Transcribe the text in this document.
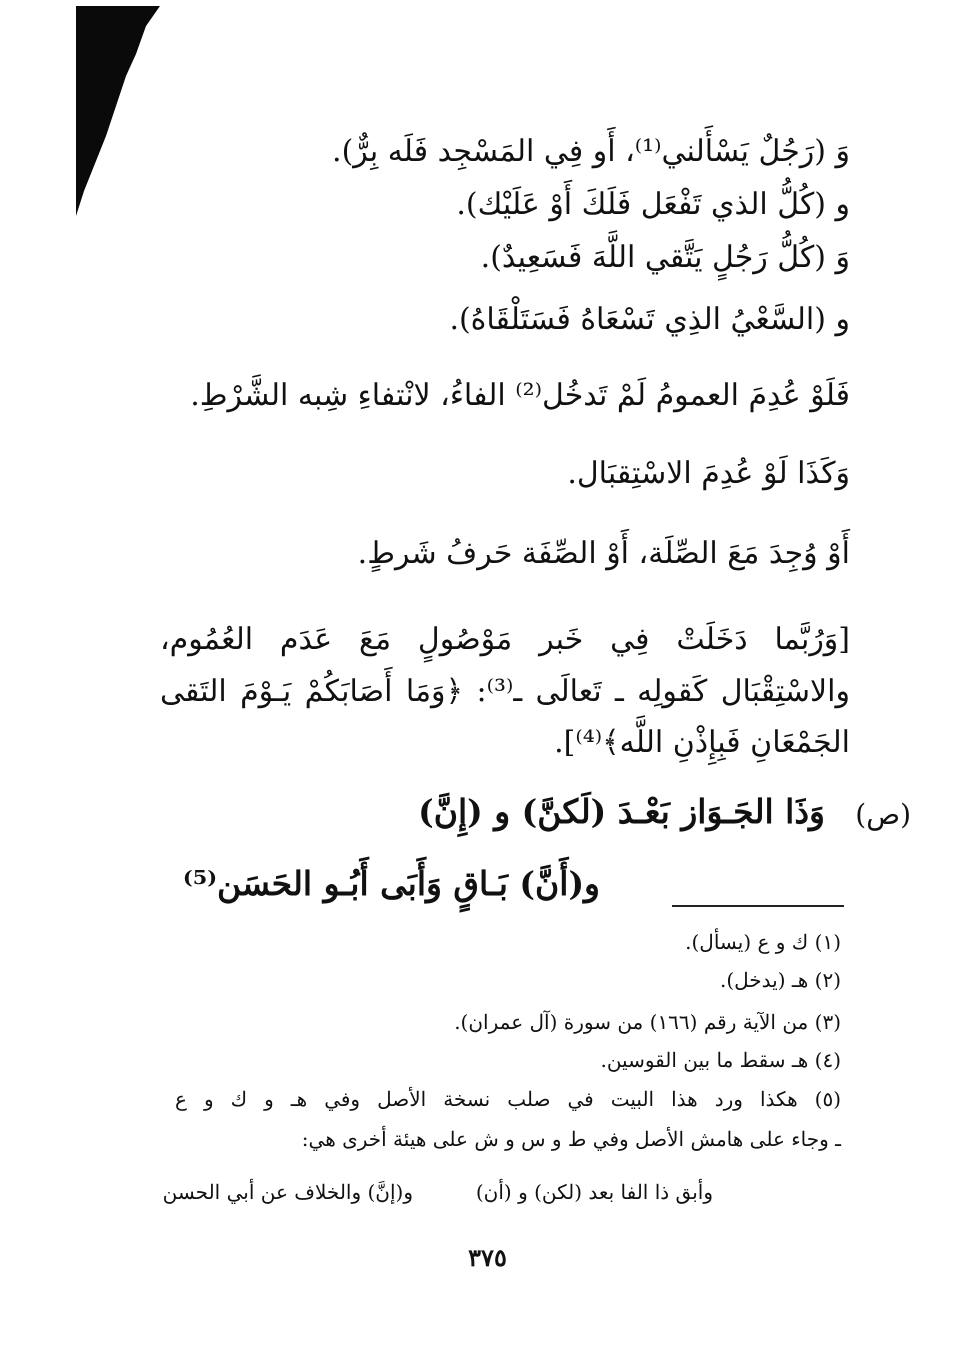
وَ (رَجُلٌ يَسْأَلني⁽¹⁾، أَو فِي المَسْجِد فَلَه بِرٌّ).
و (كُلُّ الذي تَفْعَل فَلَكَ أَوْ عَلَيْك).
وَ (كُلُّ رَجُلٍ يَتَّقي اللَّهَ فَسَعِيدٌ).
و (السَّعْيُ الذِي تَسْعَاهُ فَسَتَلْقَاهُ).
فَلَوْ عُدِمَ العمومُ لَمْ تَدخُل⁽²⁾ الفاءُ، لانْتفاءِ شِبه الشَّرْطِ.
وَكَذَا لَوْ عُدِمَ الاسْتِقبَال.
أَوْ وُجِدَ مَعَ الصِّلَة، أَوْ الصِّفَة حَرفُ شَرطٍ.
[وَرُبَّما دَخَلَتْ فِي خَبر مَوْصُولٍ مَعَ عَدَم العُمُوم،
والاسْتِقْبَال كَقولِه ـ تَعالَى ـ⁽³⁾: ﴿وَمَا أَصَابَكُمْ يَـوْمَ التَقى
الجَمْعَانِ فَبِإِذْنِ اللَّه﴾⁽⁴⁾].
(ص)
وَذَا الجَـوَاز بَعْـدَ (لَكنَّ) و (إِنَّ)
و(أَنَّ) بَـاقٍ وَأَبَى أَبُـو الحَسَن⁽⁵⁾
(١) ك و ع (يسأل).
(٢) هـ (يدخل).
(٣) من الآية رقم (١٦٦) من سورة (آل عمران).
(٤) هـ سقط ما بين القوسين.
(٥) هكذا ورد هذا البيت في صلب نسخة الأصل وفي هـ و ك و ع
ـ وجاء على هامش الأصل وفي ط و س و ش على هيئة أخرى هي:
وأبق ذا الفا بعد (لكن) و (أن)
و(إنَّ) والخلاف عن أبي الحسن
٣٧٥
